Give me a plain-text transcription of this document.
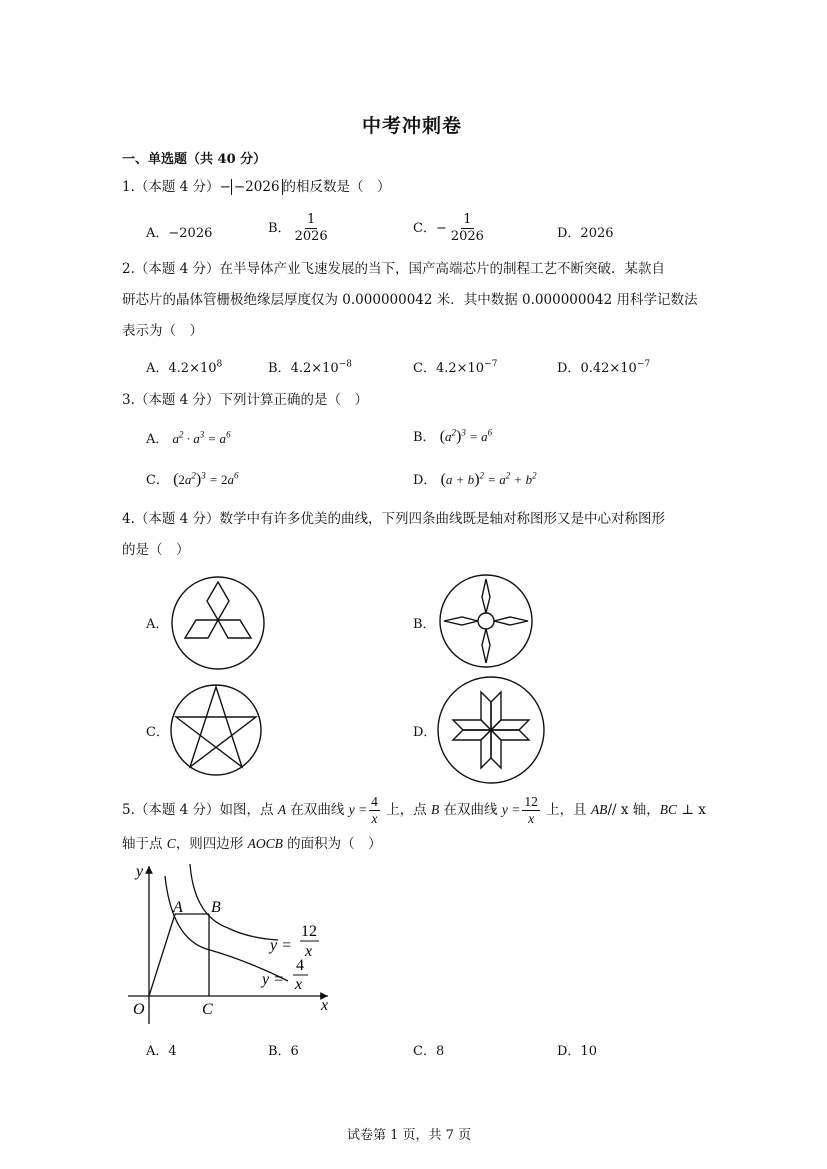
中考冲刺卷
一、单选题（共 40 分）
1.（本题 4 分）− −2026 的相反数是（　）
A．−2026	B． $\frac{1}{2026}$	C．− $\frac{1}{2026}$	D．2026
2.（本题 4 分）在半导体产业飞速发展的当下，国产高端芯片的制程工艺不断突破．某款自
研芯片的晶体管栅极绝缘层厚度仅为 0.000000042 米．其中数据 0.000000042 用科学记数法
表示为（　）
A．$4.2\times 10^8$	B．$4.2\times 10^{-8}$	C．$4.2\times 10^{-7}$	D．$0.42\times 10^{-7}$
3.（本题 4 分）下列计算正确的是（　）
A． $a^2 \cdot a^3 = a^6$	B． $(a^2)^3 = a^6$
C． $(2a^2)^3 = 2a^6$	D． $(a + b)^2 = a^2 + b^2$
4.（本题 4 分）数学中有许多优美的曲线，下列四条曲线既是轴对称图形又是中心对称图形
的是（　）
A．	B．
C．	D．
5.（本题 4 分）如图，点 A 在双曲线 $y = \frac{4}{x}$ 上，点 B 在双曲线 $y = \frac{12}{x}$ 上，且 AB// x 轴，BC ⊥ x
轴于点 C，则四边形 AOCB 的面积为（　）
y
x
O
A B
C
y =
12
x
y =
4
x
A．4	B．6	C．8	D．10
试卷第 1 页，共 7 页
